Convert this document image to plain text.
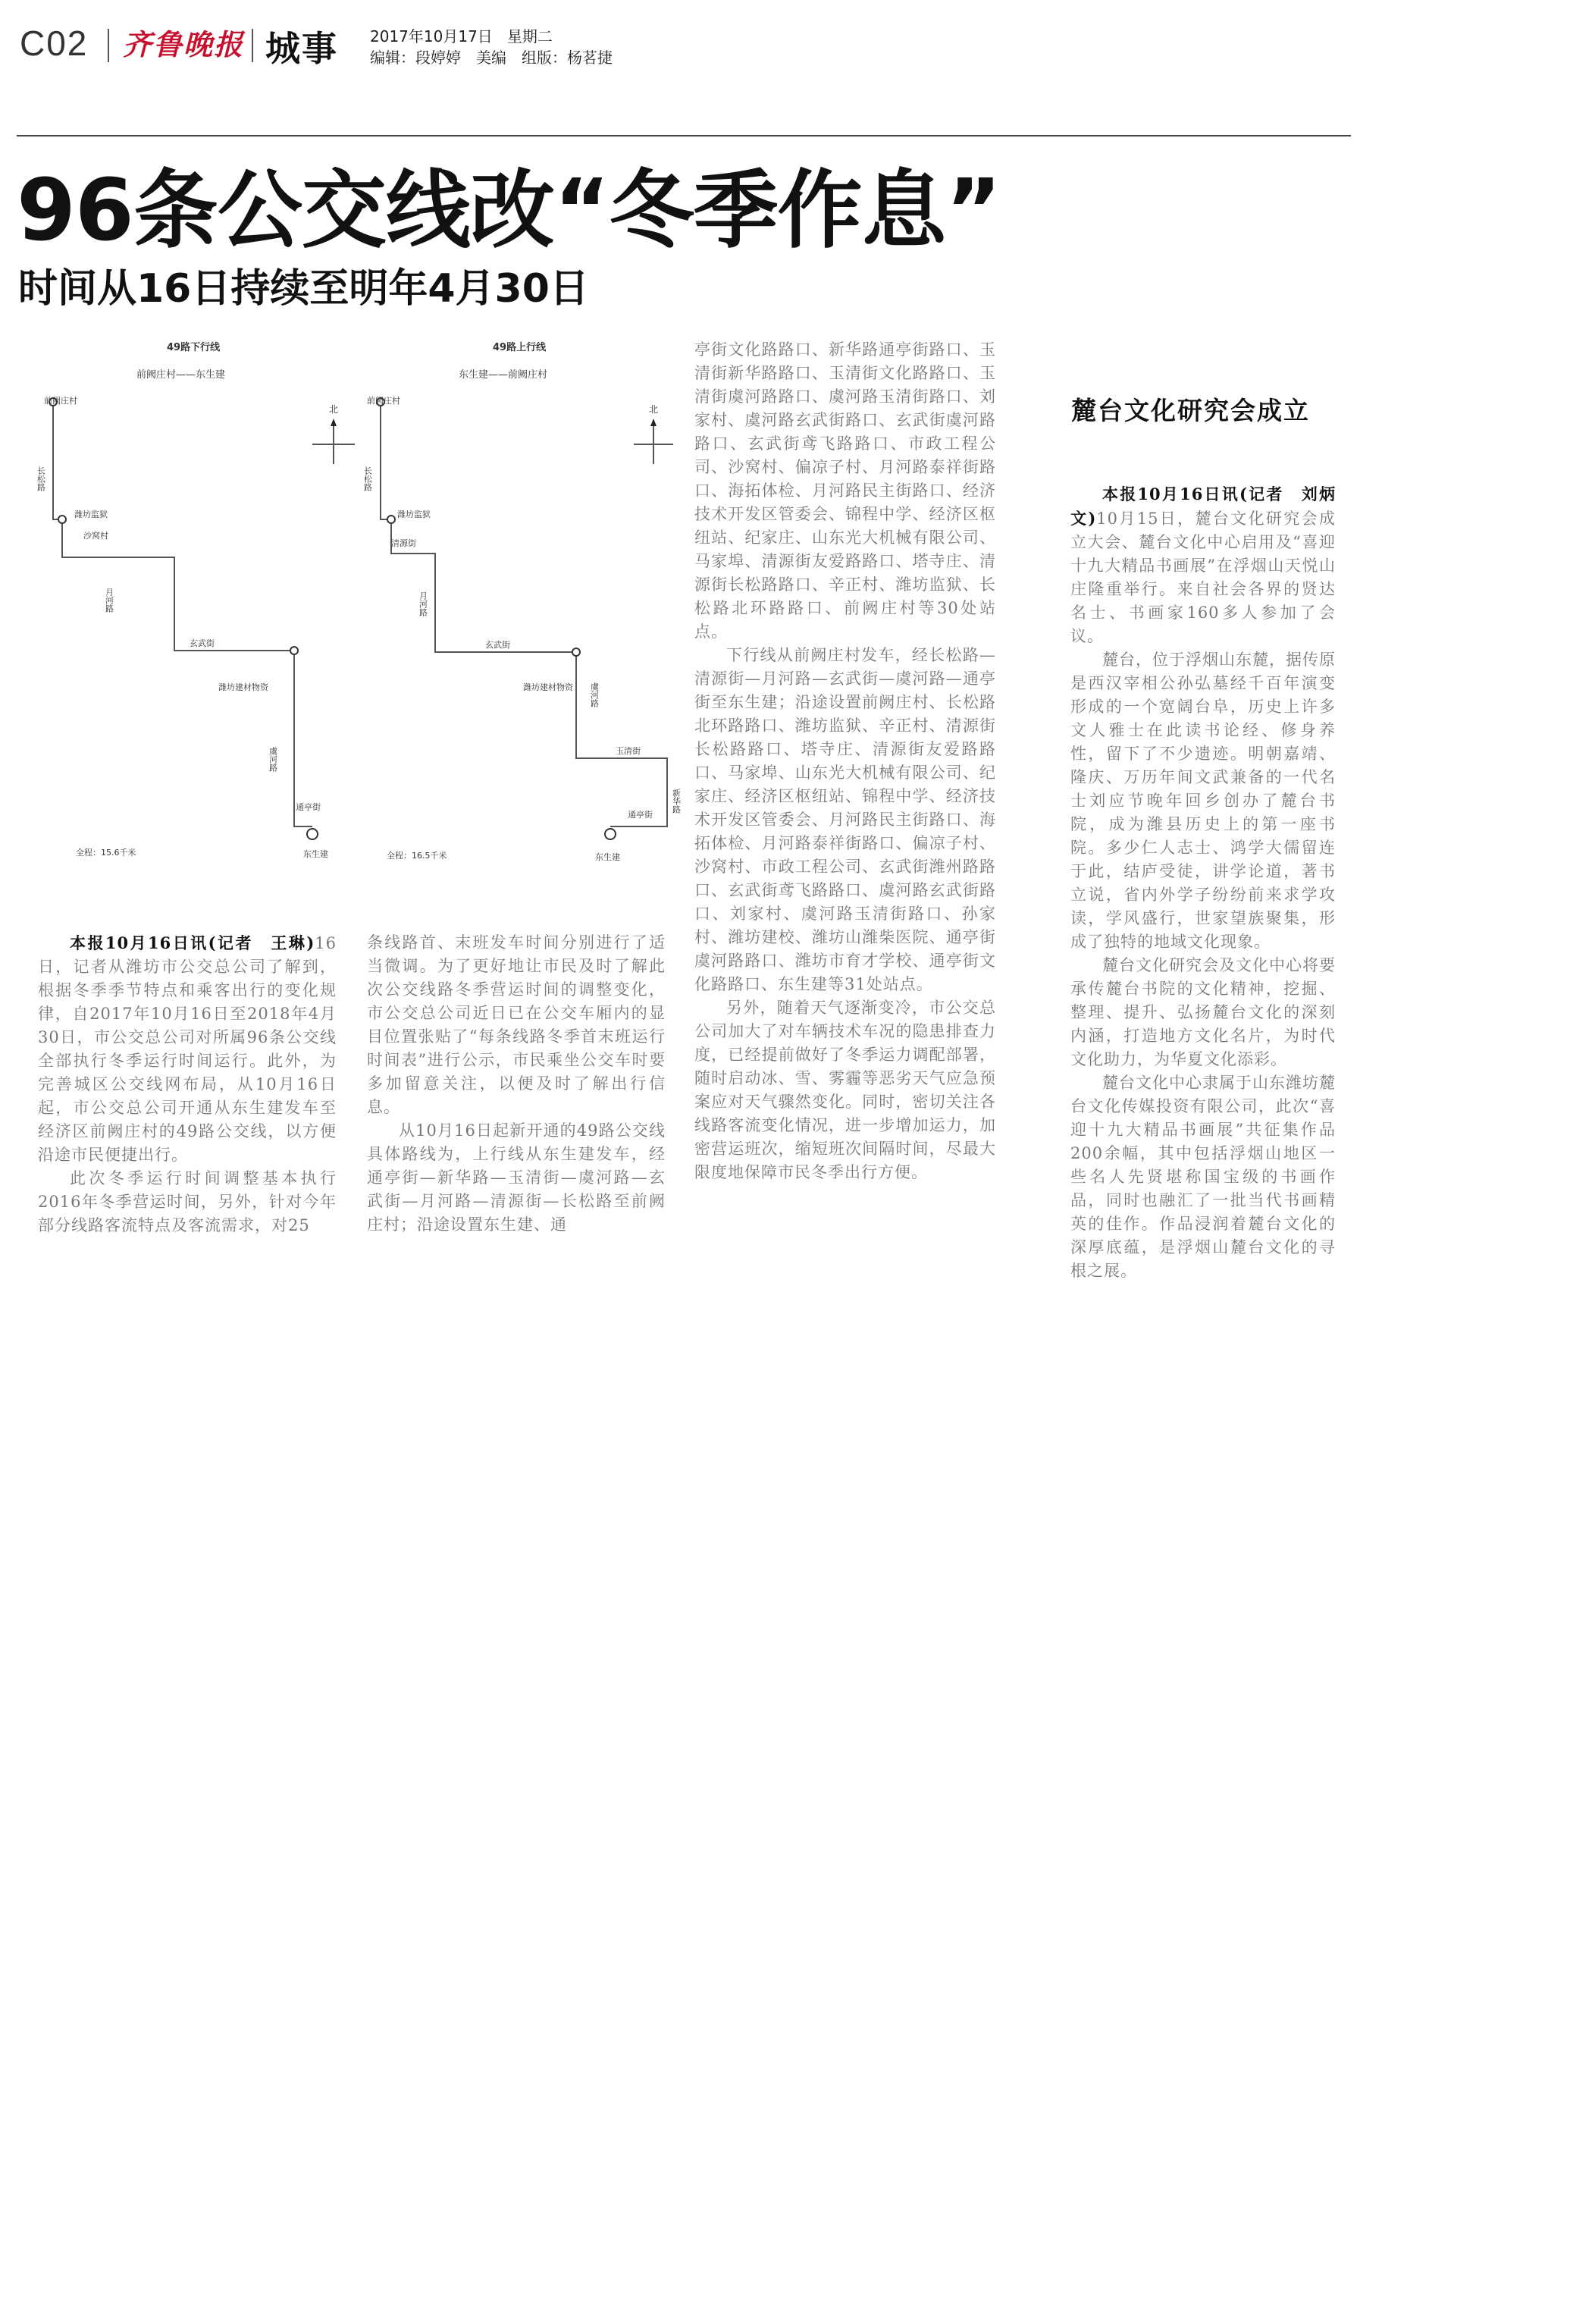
C02 齐鲁晚报 城事 2017年10月17日 星期二
编辑：段婷婷　美编　组版：杨茗捷
96条公交线改“冬季作息”
时间从16日持续至明年4月30日
49路下行线
前阙庄村——东生建
49路上行线
东生建——前阙庄村
北	北
前阙庄村
长松路
潍坊监狱
沙窝村
月河路
玄武街
潍坊建材物资
虞河路
通亭街
东生建
全程：15.6千米
前阙庄村
长松路
潍坊监狱
清源街
月河路
玄武街
潍坊建材物资 虞河路
玉清街
新华路
通亭街
东生建
全程：16.5千米

本报10月16日讯(记者　王琳)16日，记者从潍坊市公交总公司了解到，根据冬季季节特点和乘客出行的变化规律，自2017年10月16日至2018年4月30日，市公交总公司对所属96条公交线全部执行冬季运行时间运行。此外，为完善城区公交线网布局，从10月16日起，市公交总公司开通从东生建发车至经济区前阙庄村的49路公交线，以方便沿途市民便捷出行。

此次冬季运行时间调整基本执行2016年冬季营运时间，另外，针对今年部分线路客流特点及客流需求，对25

条线路首、末班发车时间分别进行了适当微调。为了更好地让市民及时了解此次公交线路冬季营运时间的调整变化，市公交总公司近日已在公交车厢内的显目位置张贴了“每条线路冬季首末班运行时间表”进行公示，市民乘坐公交车时要多加留意关注，以便及时了解出行信息。

从10月16日起新开通的49路公交线具体路线为，上行线从东生建发车，经通亭街—新华路—玉清街—虞河路—玄武街—月河路—清源街—长松路至前阙庄村；沿途设置东生建、通

亭街文化路路口、新华路通亭街路口、玉清街新华路路口、玉清街文化路路口、玉清街虞河路路口、虞河路玉清街路口、刘家村、虞河路玄武街路口、玄武街虞河路路口、玄武街鸢飞路路口、市政工程公司、沙窝村、偏凉子村、月河路泰祥街路口、海拓体检、月河路民主街路口、经济技术开发区管委会、锦程中学、经济区枢纽站、纪家庄、山东光大机械有限公司、马家埠、清源街友爱路路口、塔寺庄、清源街长松路路口、辛正村、潍坊监狱、长松路北环路路口、前阙庄村等30处站点。

下行线从前阙庄村发车，经长松路—清源街—月河路—玄武街—虞河路—通亭街至东生建；沿途设置前阙庄村、长松路北环路路口、潍坊监狱、辛正村、清源街长松路路口、塔寺庄、清源街友爱路路口、马家埠、山东光大机械有限公司、纪家庄、经济区枢纽站、锦程中学、经济技术开发区管委会、月河路民主街路口、海拓体检、月河路泰祥街路口、偏凉子村、沙窝村、市政工程公司、玄武街潍州路路口、玄武街鸢飞路路口、虞河路玄武街路口、刘家村、虞河路玉清街路口、孙家村、潍坊建校、潍坊山潍柴医院、通亭街虞河路路口、潍坊市育才学校、通亭街文化路路口、东生建等31处站点。

另外，随着天气逐渐变冷，市公交总公司加大了对车辆技术车况的隐患排查力度，已经提前做好了冬季运力调配部署，随时启动冰、雪、雾霾等恶劣天气应急预案应对天气骤然变化。同时，密切关注各线路客流变化情况，进一步增加运力，加密营运班次，缩短班次间隔时间，尽最大限度地保障市民冬季出行方便。

麓台文化研究会成立

本报10月16日讯(记者　刘炳文)10月15日，麓台文化研究会成立大会、麓台文化中心启用及“喜迎十九大精品书画展”在浮烟山天悦山庄隆重举行。来自社会各界的贤达名士、书画家160多人参加了会议。

麓台，位于浮烟山东麓，据传原是西汉宰相公孙弘墓经千百年演变形成的一个宽阔台阜，历史上许多文人雅士在此读书论经、修身养性，留下了不少遗迹。明朝嘉靖、隆庆、万历年间文武兼备的一代名士刘应节晚年回乡创办了麓台书院，成为潍县历史上的第一座书院。多少仁人志士、鸿学大儒留连于此，结庐受徒，讲学论道，著书立说，省内外学子纷纷前来求学攻读，学风盛行，世家望族聚集，形成了独特的地域文化现象。

麓台文化研究会及文化中心将要承传麓台书院的文化精神，挖掘、整理、提升、弘扬麓台文化的深刻内涵，打造地方文化名片，为时代文化助力，为华夏文化添彩。

麓台文化中心隶属于山东潍坊麓台文化传媒投资有限公司，此次“喜迎十九大精品书画展”共征集作品200余幅，其中包括浮烟山地区一些名人先贤堪称国宝级的书画作品，同时也融汇了一批当代书画精英的佳作。作品浸润着麓台文化的深厚底蕴，是浮烟山麓台文化的寻根之展。
